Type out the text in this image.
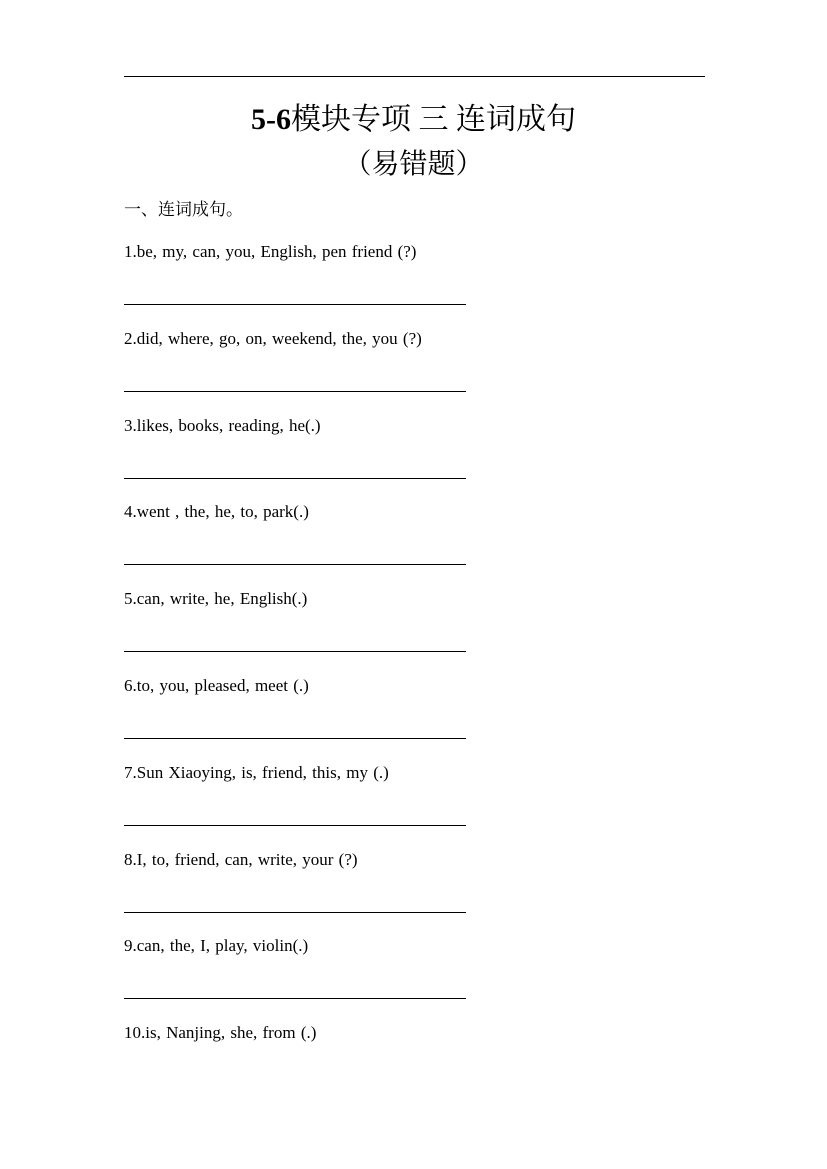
5-6模块专项 三 连词成句
（易错题）
一、连词成句。
1.be, my, can, you, English, pen friend (?)
2.did, where, go, on, weekend, the, you (?)
3.likes, books, reading, he(.)
4.went , the, he, to, park(.)
5.can, write, he, English(.)
6.to, you, pleased, meet (.)
7.Sun Xiaoying, is, friend, this, my (.)
8.I, to, friend, can, write, your (?)
9.can, the, I, play, violin(.)
10.is, Nanjing, she, from (.)
